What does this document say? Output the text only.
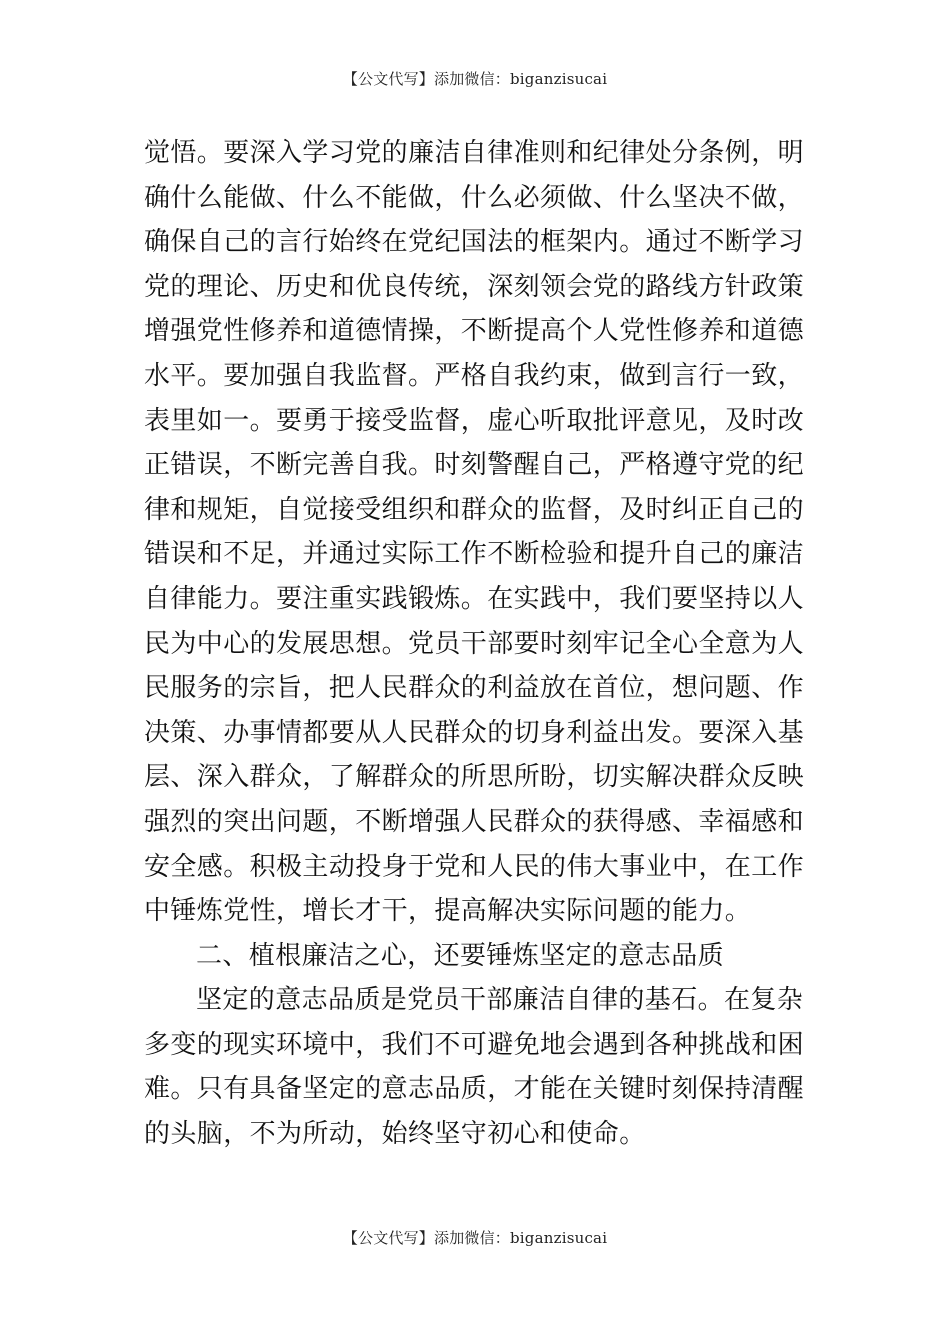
【公文代写】添加微信：biganzisucai
觉悟。要深入学习党的廉洁自律准则和纪律处分条例，明
确什么能做、什么不能做，什么必须做、什么坚决不做，
确保自己的言行始终在党纪国法的框架内。通过不断学习
党的理论、历史和优良传统，深刻领会党的路线方针政策
增强党性修养和道德情操，不断提高个人党性修养和道德
水平。要加强自我监督。严格自我约束，做到言行一致，
表里如一。要勇于接受监督，虚心听取批评意见，及时改
正错误，不断完善自我。时刻警醒自己，严格遵守党的纪
律和规矩，自觉接受组织和群众的监督，及时纠正自己的
错误和不足，并通过实际工作不断检验和提升自己的廉洁
自律能力。要注重实践锻炼。在实践中，我们要坚持以人
民为中心的发展思想。党员干部要时刻牢记全心全意为人
民服务的宗旨，把人民群众的利益放在首位，想问题、作
决策、办事情都要从人民群众的切身利益出发。要深入基
层、深入群众，了解群众的所思所盼，切实解决群众反映
强烈的突出问题，不断增强人民群众的获得感、幸福感和
安全感。积极主动投身于党和人民的伟大事业中，在工作
中锤炼党性，增长才干，提高解决实际问题的能力。
二、植根廉洁之心，还要锤炼坚定的意志品质
坚定的意志品质是党员干部廉洁自律的基石。在复杂
多变的现实环境中，我们不可避免地会遇到各种挑战和困
难。只有具备坚定的意志品质，才能在关键时刻保持清醒
的头脑，不为所动，始终坚守初心和使命。
【公文代写】添加微信：biganzisucai
